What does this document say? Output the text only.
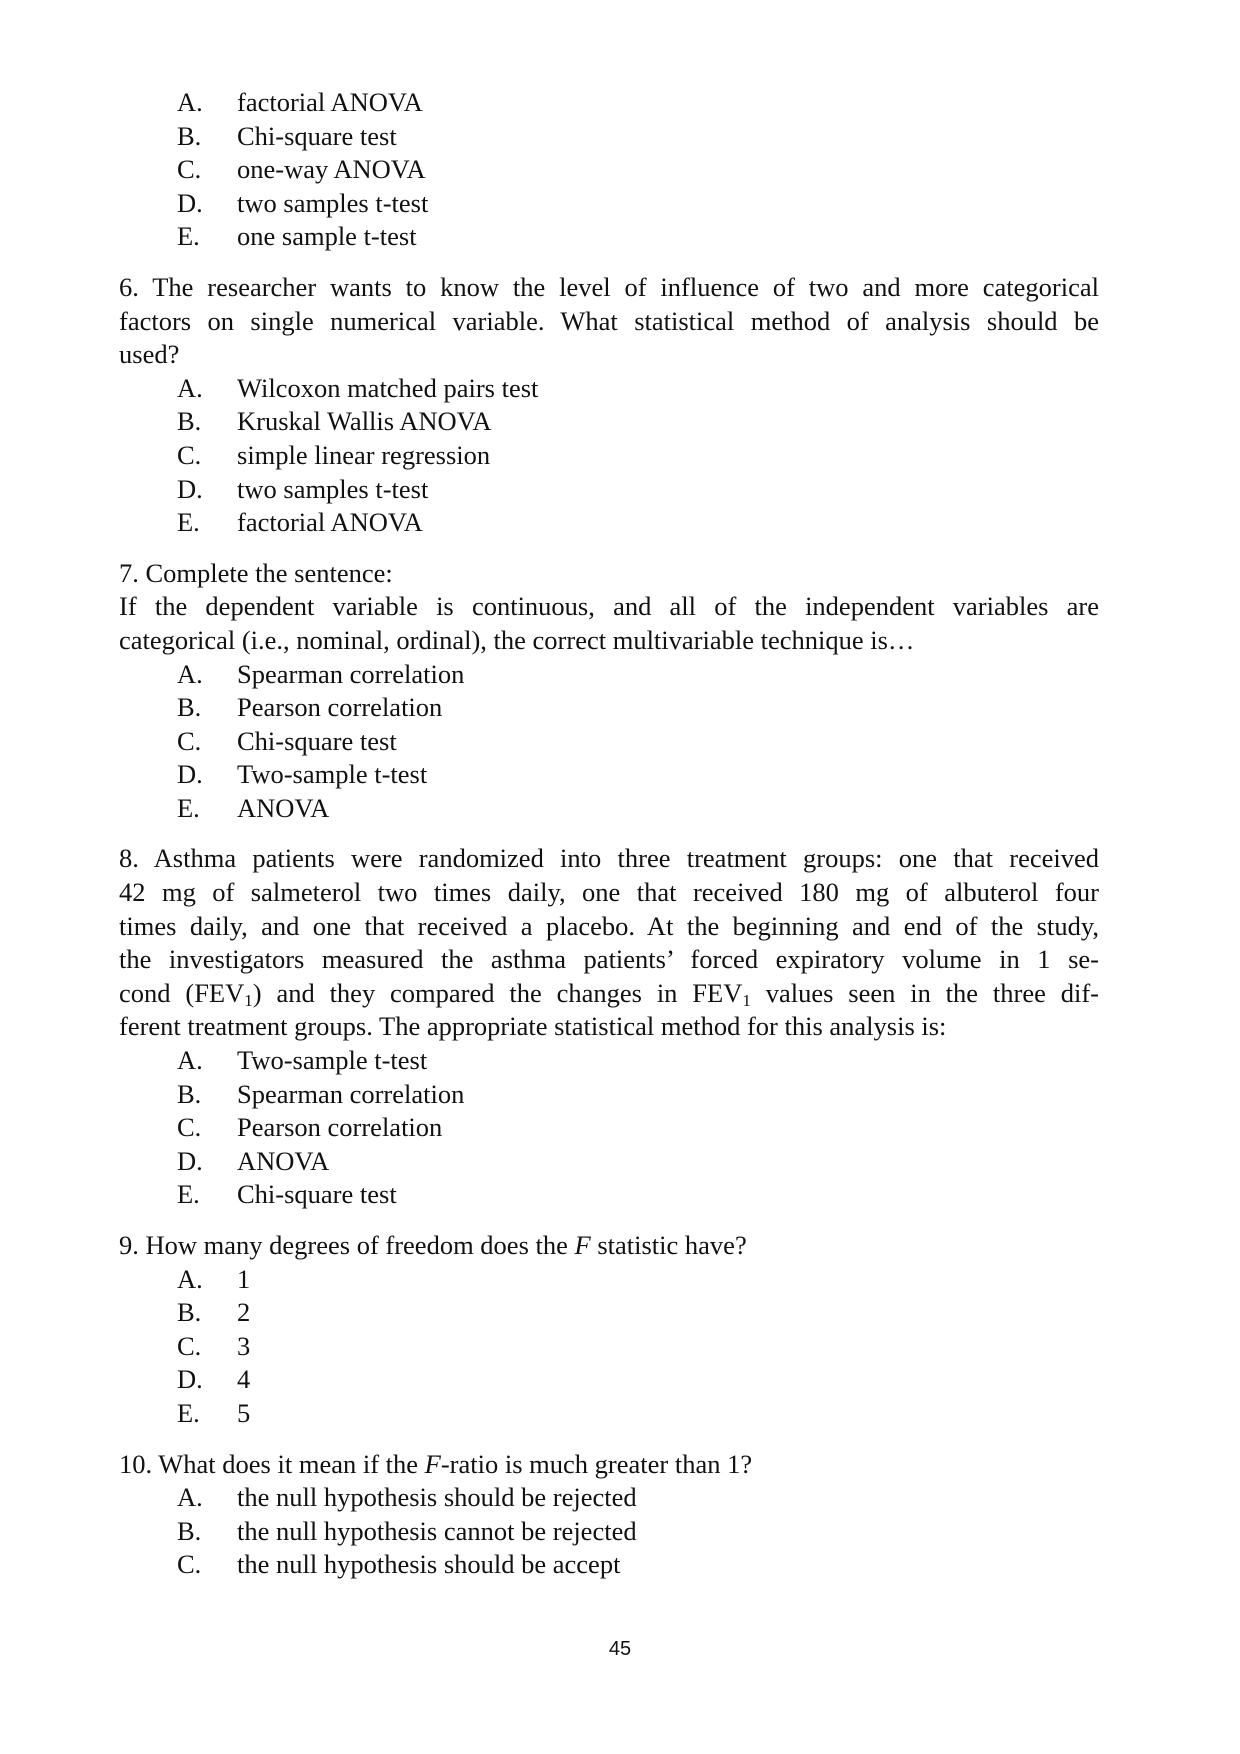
A.	factorial ANOVA
B.	Chi-square test
C.	one-way ANOVA
D.	two samples t-test
E.	one sample t-test
6. The researcher wants to know the level of influence of two and more categorical
factors on single numerical variable. What statistical method of analysis should be
used?
A.	Wilcoxon matched pairs test
B.	Kruskal Wallis ANOVA
C.	simple linear regression
D.	two samples t-test
E.	factorial ANOVA
7. Complete the sentence:
If the dependent variable is continuous, and all of the independent variables are
categorical (i.e., nominal, ordinal), the correct multivariable technique is…
A.	Spearman correlation
B.	Pearson correlation
C.	Chi-square test
D.	Two-sample t-test
E.	ANOVA
8. Asthma patients were randomized into three treatment groups: one that received
42 mg of salmeterol two times daily, one that received 180 mg of albuterol four
times daily, and one that received a placebo. At the beginning and end of the study,
the investigators measured the asthma patients’ forced expiratory volume in 1 se-
cond $(FEV_1)$ and they compared the changes in $FEV_1$ values seen in the three dif-
ferent treatment groups. The appropriate statistical method for this analysis is:
A.	Two-sample t-test
B.	Spearman correlation
C.	Pearson correlation
D.	ANOVA
E.	Chi-square test
9. How many degrees of freedom does the F statistic have?
A.	1
B.	2
C.	3
D.	4
E.	5
10. What does it mean if the F-ratio is much greater than 1?
A.	the null hypothesis should be rejected
B.	the null hypothesis cannot be rejected
C.	the null hypothesis should be accept
45
